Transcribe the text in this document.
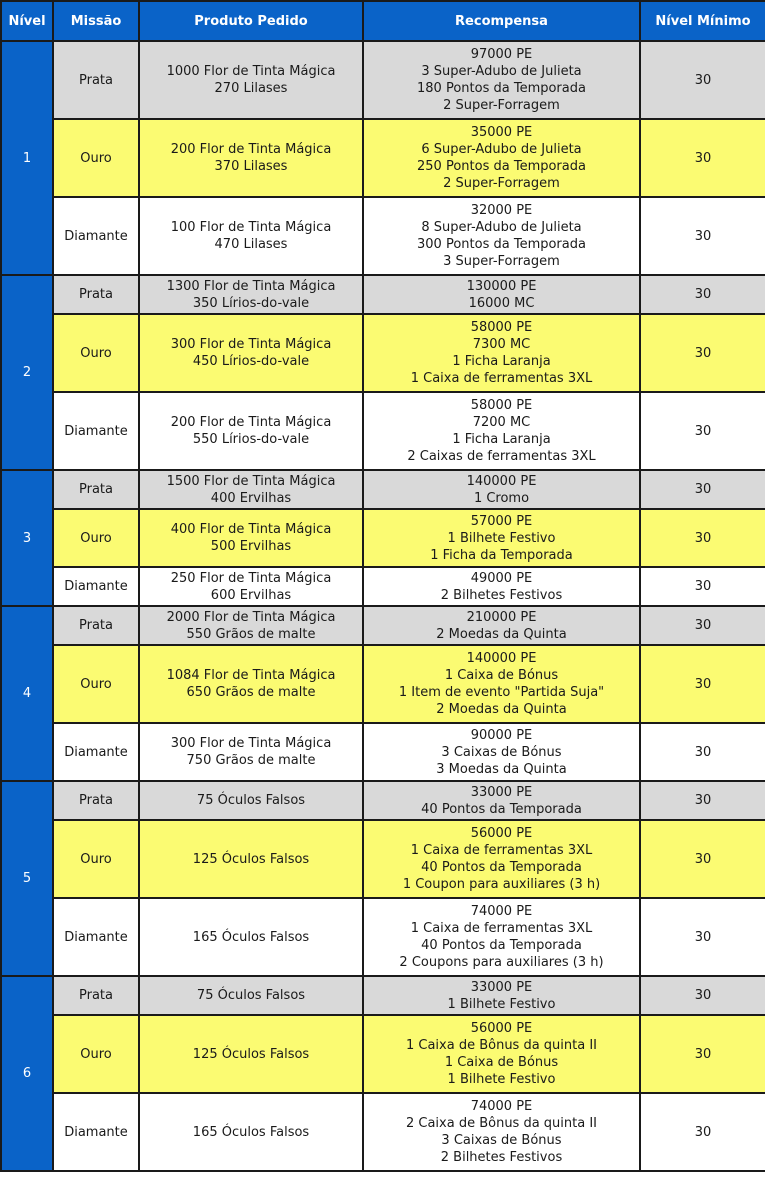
Nível	Missão	Produto Pedido	Recompensa	Nível Mínimo
1	Prata	1000 Flor de Tinta Mágica
270 Lilases	97000 PE
3 Super-Adubo de Julieta
180 Pontos da Temporada
2 Super-Forragem	30
	Ouro	200 Flor de Tinta Mágica
370 Lilases	35000 PE
6 Super-Adubo de Julieta
250 Pontos da Temporada
2 Super-Forragem	30
	Diamante	100 Flor de Tinta Mágica
470 Lilases	32000 PE
8 Super-Adubo de Julieta
300 Pontos da Temporada
3 Super-Forragem	30
2	Prata	1300 Flor de Tinta Mágica
350 Lírios-do-vale	130000 PE
16000 MC	30
	Ouro	300 Flor de Tinta Mágica
450 Lírios-do-vale	58000 PE
7300 MC
1 Ficha Laranja
1 Caixa de ferramentas 3XL	30
	Diamante	200 Flor de Tinta Mágica
550 Lírios-do-vale	58000 PE
7200 MC
1 Ficha Laranja
2 Caixas de ferramentas 3XL	30
3	Prata	1500 Flor de Tinta Mágica
400 Ervilhas	140000 PE
1 Cromo	30
	Ouro	400 Flor de Tinta Mágica
500 Ervilhas	57000 PE
1 Bilhete Festivo
1 Ficha da Temporada	30
	Diamante	250 Flor de Tinta Mágica
600 Ervilhas	49000 PE
2 Bilhetes Festivos	30
4	Prata	2000 Flor de Tinta Mágica
550 Grãos de malte	210000 PE
2 Moedas da Quinta	30
	Ouro	1084 Flor de Tinta Mágica
650 Grãos de malte	140000 PE
1 Caixa de Bónus
1 Item de evento "Partida Suja"
2 Moedas da Quinta	30
	Diamante	300 Flor de Tinta Mágica
750 Grãos de malte	90000 PE
3 Caixas de Bónus
3 Moedas da Quinta	30
5	Prata	75 Óculos Falsos	33000 PE
40 Pontos da Temporada	30
	Ouro	125 Óculos Falsos	56000 PE
1 Caixa de ferramentas 3XL
40 Pontos da Temporada
1 Coupon para auxiliares (3 h)	30
	Diamante	165 Óculos Falsos	74000 PE
1 Caixa de ferramentas 3XL
40 Pontos da Temporada
2 Coupons para auxiliares (3 h)	30
6	Prata	75 Óculos Falsos	33000 PE
1 Bilhete Festivo	30
	Ouro	125 Óculos Falsos	56000 PE
1 Caixa de Bônus da quinta II
1 Caixa de Bónus
1 Bilhete Festivo	30
	Diamante	165 Óculos Falsos	74000 PE
2 Caixa de Bônus da quinta II
3 Caixas de Bónus
2 Bilhetes Festivos	30
